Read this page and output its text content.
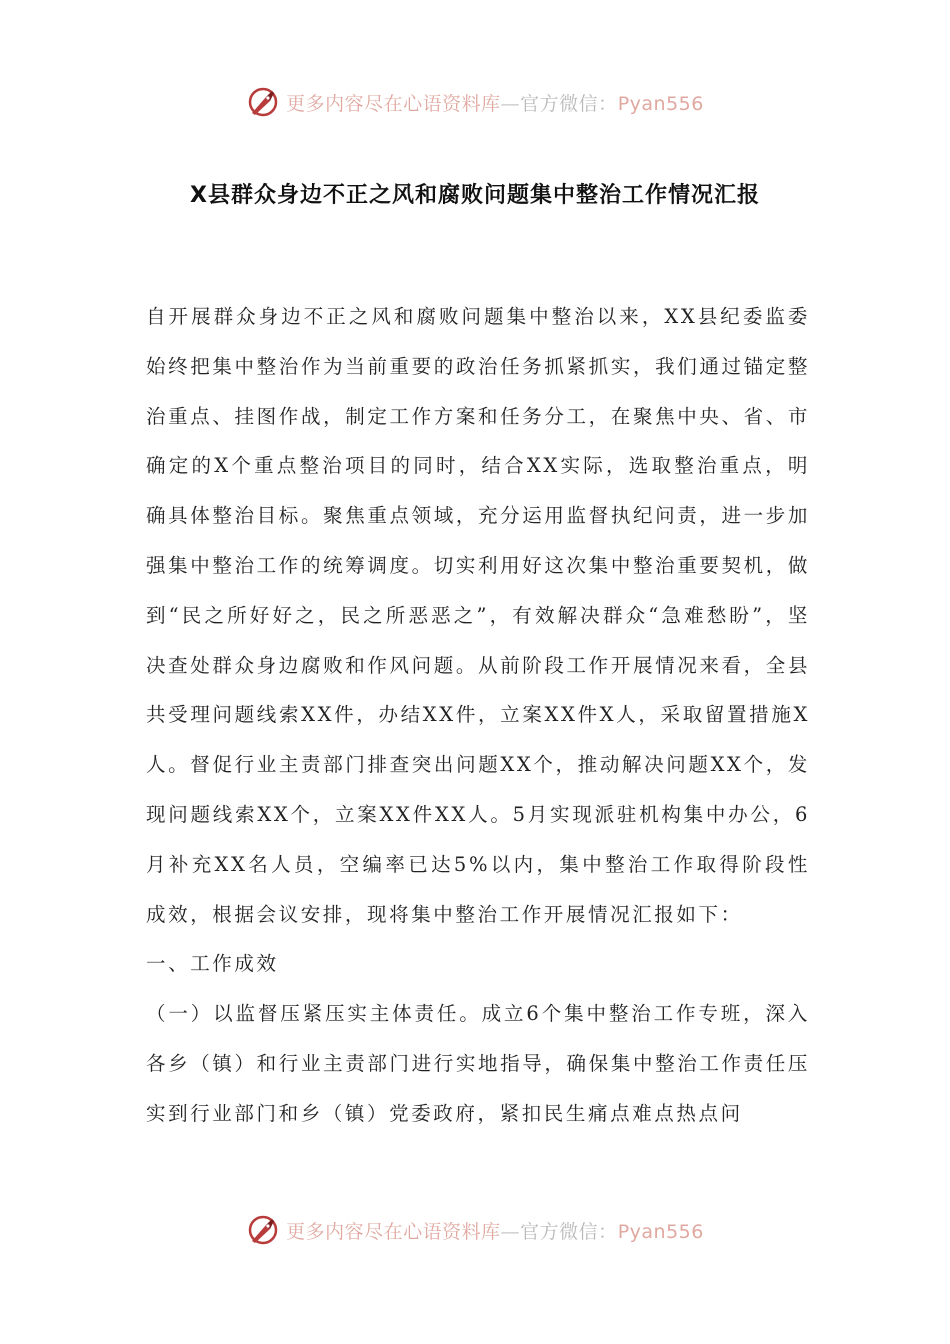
更多内容尽在心语资料库—官方微信：Pyan556
X县群众身边不正之风和腐败问题集中整治工作情况汇报

自开展群众身边不正之风和腐败问题集中整治以来，XX县纪委监委始终把集中整治作为当前重要的政治任务抓紧抓实，我们通过锚定整治重点、挂图作战，制定工作方案和任务分工，在聚焦中央、省、市确定的X个重点整治项目的同时，结合XX实际，选取整治重点，明确具体整治目标。聚焦重点领域，充分运用监督执纪问责，进一步加强集中整治工作的统筹调度。切实利用好这次集中整治重要契机，做到“民之所好好之，民之所恶恶之”，有效解决群众“急难愁盼”，坚决查处群众身边腐败和作风问题。从前阶段工作开展情况来看，全县共受理问题线索XX件，办结XX件，立案XX件X人，采取留置措施X人。督促行业主责部门排查突出问题XX个，推动解决问题XX个，发现问题线索XX个，立案XX件XX人。5月实现派驻机构集中办公，6月补充XX名人员，空编率已达5%以内，集中整治工作取得阶段性成效，根据会议安排，现将集中整治工作开展情况汇报如下：

一、工作成效

（一）以监督压紧压实主体责任。成立6个集中整治工作专班，深入各乡（镇）和行业主责部门进行实地指导，确保集中整治工作责任压实到行业部门和乡（镇）党委政府，紧扣民生痛点难点热点问

更多内容尽在心语资料库—官方微信：Pyan556
